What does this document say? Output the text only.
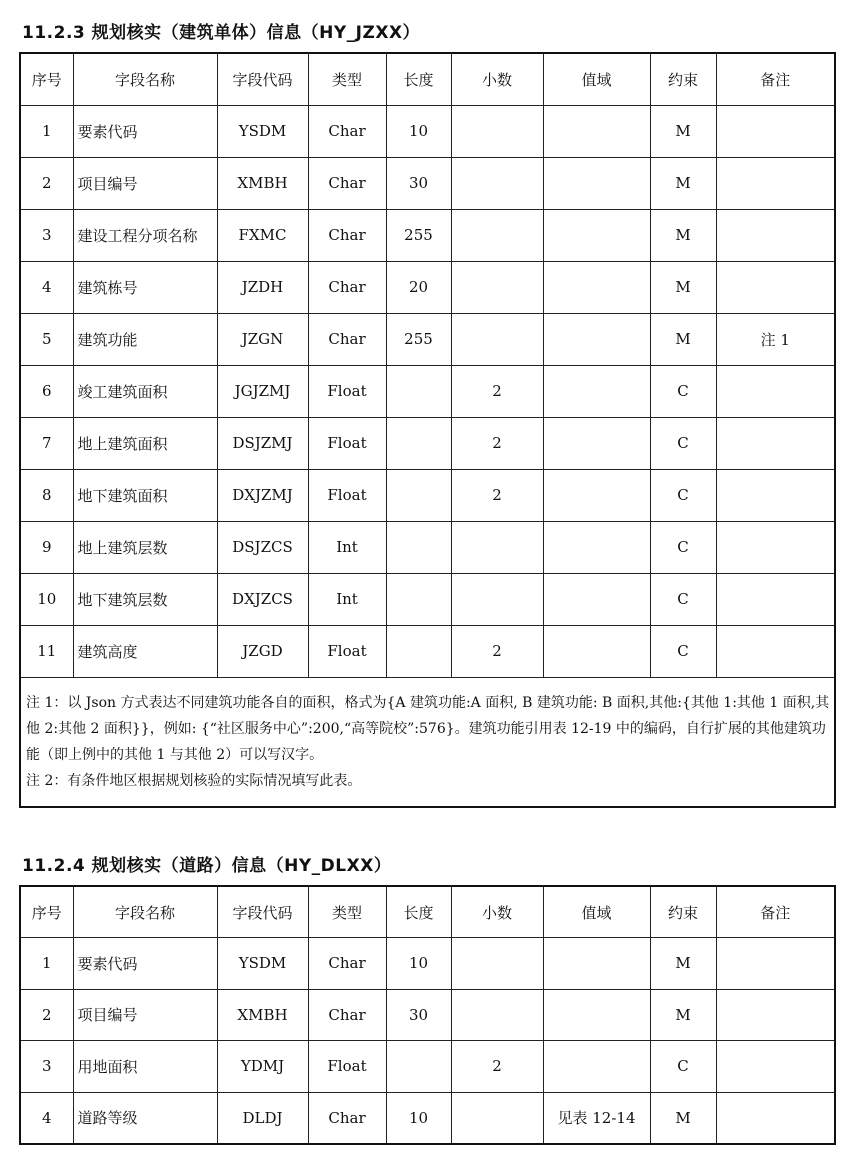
11.2.3 规划核实（建筑单体）信息（HY_JZXX）
序号	字段名称	字段代码	类型	长度	小数	值域	约束	备注
1	要素代码	YSDM	Char	10			M	
2	项目编号	XMBH	Char	30			M	
3	建设工程分项名称	FXMC	Char	255			M	
4	建筑栋号	JZDH	Char	20			M	
5	建筑功能	JZGN	Char	255			M	注 1
6	竣工建筑面积	JGJZMJ	Float		2		C	
7	地上建筑面积	DSJZMJ	Float		2		C	
8	地下建筑面积	DXJZMJ	Float		2		C	
9	地上建筑层数	DSJZCS	Int				C	
10	地下建筑层数	DXJZCS	Int				C	
11	建筑高度	JZGD	Float		2		C	

注 1：以 Json 方式表达不同建筑功能各自的面积，格式为{A 建筑功能:A 面积, B 建筑功能: B 面积,其他:{其他 1:其他 1 面积,其他 2:其他 2 面积}}，例如: {“社区服务中心”:200,“高等院校”:576}。建筑功能引用表 12-19 中的编码，自行扩展的其他建筑功能（即上例中的其他 1 与其他 2）可以写汉字。
注 2：有条件地区根据规划核验的实际情况填写此表。								
11.2.4 规划核实（道路）信息（HY_DLXX）
序号	字段名称	字段代码	类型	长度	小数	值域	约束	备注
1	要素代码	YSDM	Char	10			M	
2	项目编号	XMBH	Char	30			M	
3	用地面积	YDMJ	Float		2		C	
4	道路等级	DLDJ	Char	10		见表 12-14	M	
